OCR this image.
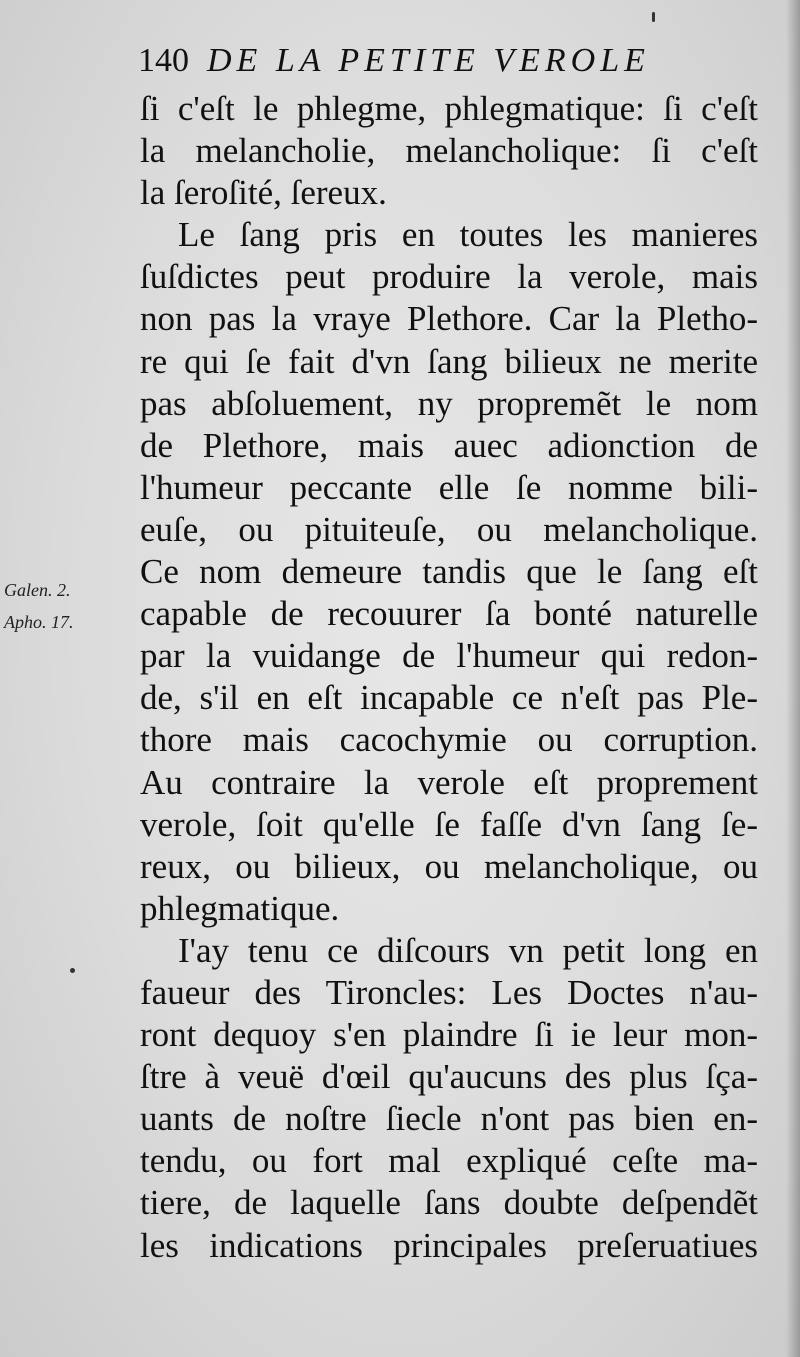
140 DE LA PETITE VEROLE
Galen. 2.
Apho. 17.
ſi c'eſt le phlegme, phlegmatique: ſi c'eſt
la melancholie, melancholique: ſi c'eſt
la ſeroſité, ſereux.
Le ſang pris en toutes les manieres
ſuſdictes peut produire la verole, mais
non pas la vraye Plethore. Car la Pletho-
re qui ſe fait d'vn ſang bilieux ne merite
pas abſoluement, ny propremẽt le nom
de Plethore, mais auec adionction de
l'humeur peccante elle ſe nomme bili-
euſe, ou pituiteuſe, ou melancholique.
Ce nom demeure tandis que le ſang eſt
capable de recouurer ſa bonté naturelle
par la vuidange de l'humeur qui redon-
de, s'il en eſt incapable ce n'eſt pas Ple-
thore mais cacochymie ou corruption.
Au contraire la verole eſt proprement
verole, ſoit qu'elle ſe faſſe d'vn ſang ſe-
reux, ou bilieux, ou melancholique, ou
phlegmatique.
I'ay tenu ce diſcours vn petit long en
faueur des Tironcles: Les Doctes n'au-
ront dequoy s'en plaindre ſi ie leur mon-
ſtre à veuë d'œil qu'aucuns des plus ſça-
uants de noſtre ſiecle n'ont pas bien en-
tendu, ou fort mal expliqué ceſte ma-
tiere, de laquelle ſans doubte deſpendẽt
les indications principales preſeruatiues
